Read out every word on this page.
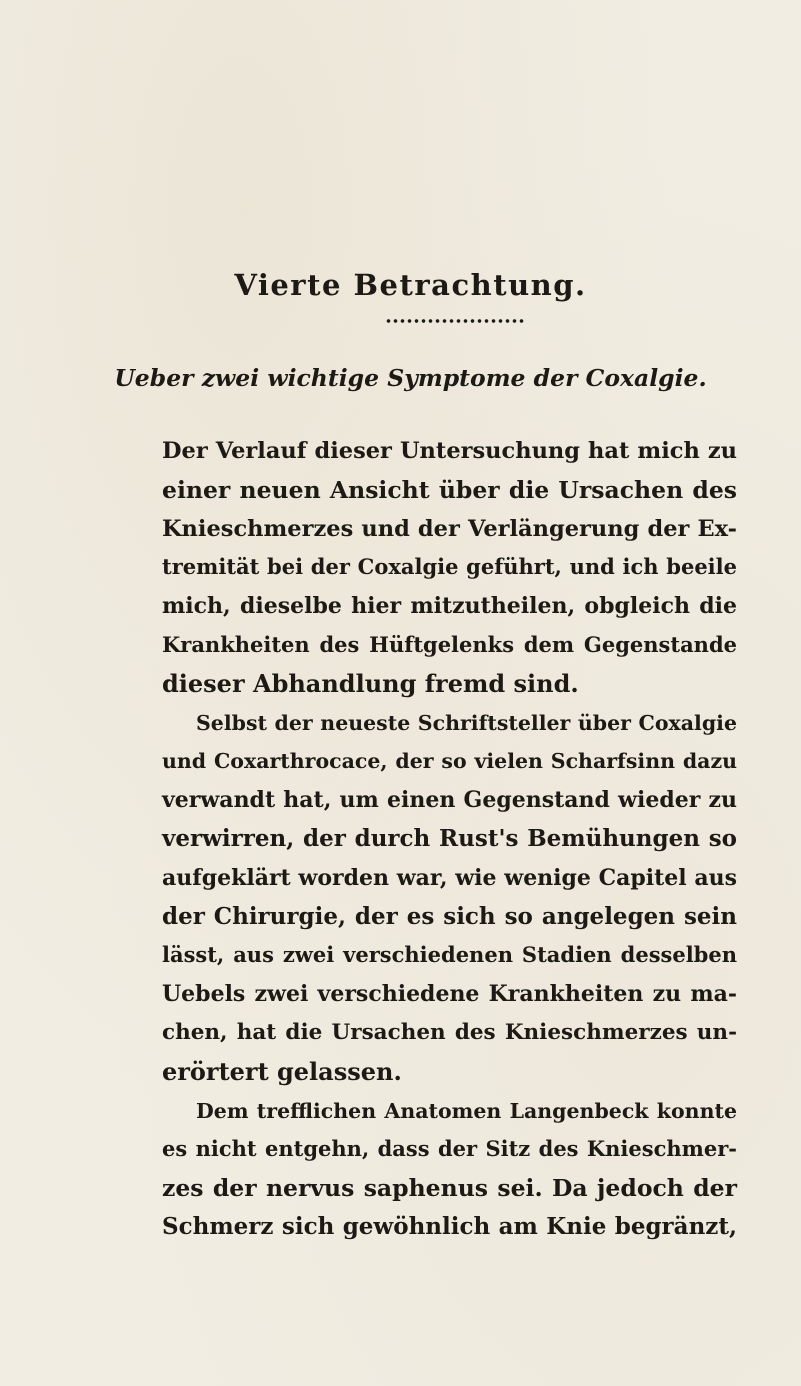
Vierte Betrachtung.
Ueber zwei wichtige Symptome der Coxalgie.
Der Verlauf dieser Untersuchung hat mich zu
einer neuen Ansicht über die Ursachen des
Knieschmerzes und der Verlängerung der Ex-
tremität bei der Coxalgie geführt, und ich beeile
mich, dieselbe hier mitzutheilen, obgleich die
Krankheiten des Hüftgelenks dem Gegenstande
dieser Abhandlung fremd sind.
Selbst der neueste Schriftsteller über Coxalgie
und Coxarthrocace, der so vielen Scharfsinn dazu
verwandt hat, um einen Gegenstand wieder zu
verwirren, der durch Rust's Bemühungen so
aufgeklärt worden war, wie wenige Capitel aus
der Chirurgie, der es sich so angelegen sein
lässt, aus zwei verschiedenen Stadien desselben
Uebels zwei verschiedene Krankheiten zu ma-
chen, hat die Ursachen des Knieschmerzes un-
erörtert gelassen.
Dem trefflichen Anatomen Langenbeck konnte
es nicht entgehn, dass der Sitz des Knieschmer-
zes der nervus saphenus sei. Da jedoch der
Schmerz sich gewöhnlich am Knie begränzt,
